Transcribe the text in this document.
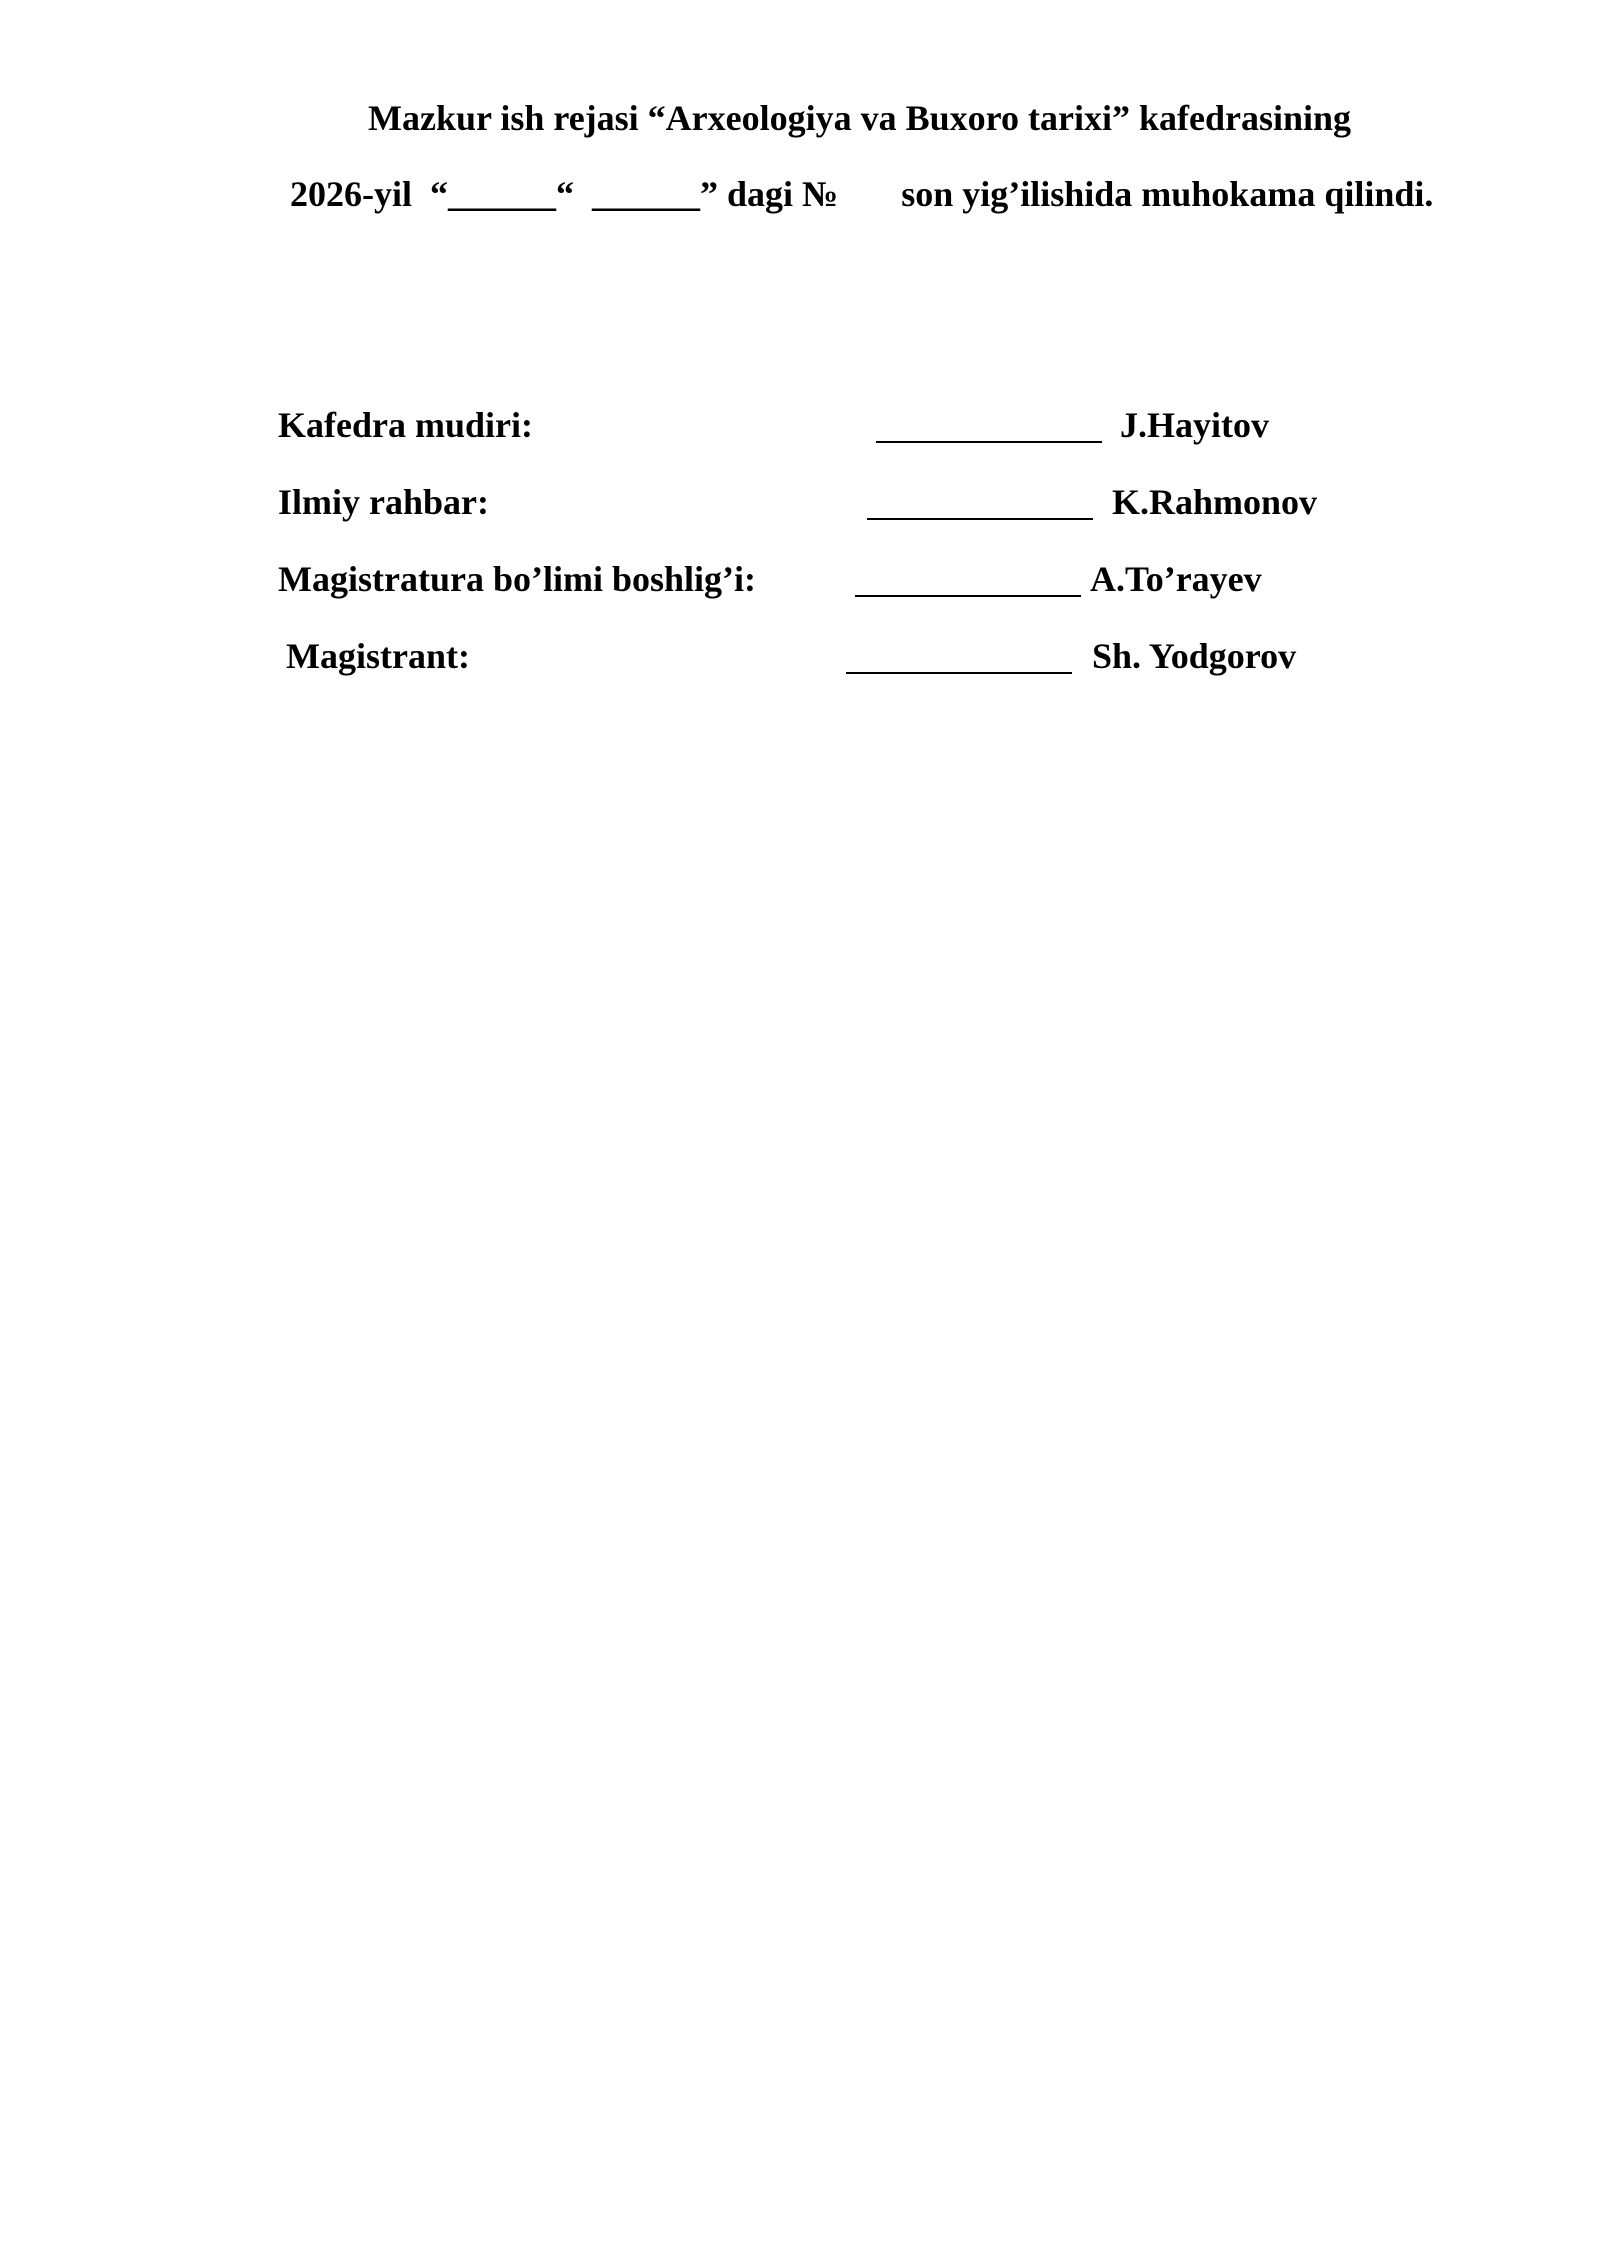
Mazkur ish rejasi “Arxeologiya va Buxoro tarixi” kafedrasining
2026-yil  “______“  ______” dagi №       son yig’ilishida muhokama qilindi.
Kafedra mudiri:	J.Hayitov
Ilmiy rahbar:	K.Rahmonov
Magistratura bo’limi boshlig’i:	A.To’rayev
Magistrant:	Sh. Yodgorov
